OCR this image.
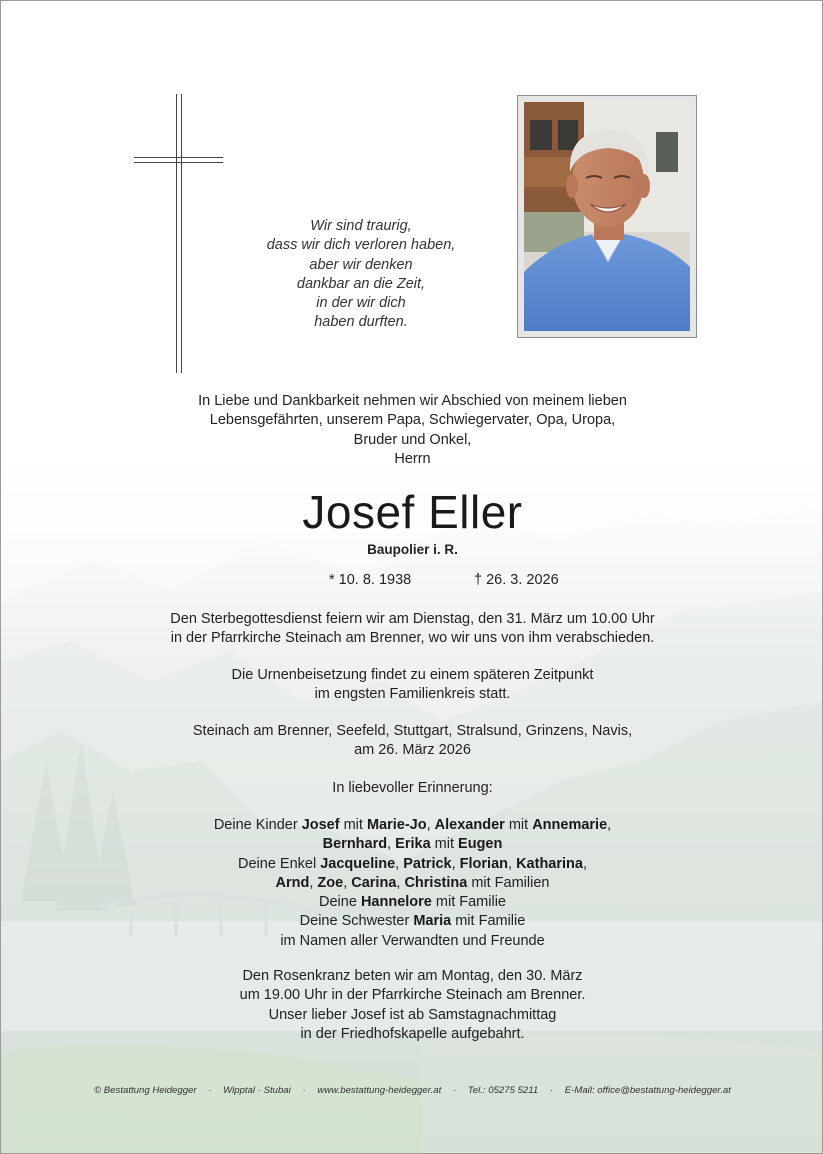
Wir sind traurig,
dass wir dich verloren haben,
aber wir denken
dankbar an die Zeit,
in der wir dich
haben durften.
In Liebe und Dankbarkeit nehmen wir Abschied von meinem lieben
Lebensgefährten, unserem Papa, Schwiegervater, Opa, Uropa,
Bruder und Onkel,
Herrn
Josef Eller
Baupolier i. R.
* 10. 8. 1938	† 26. 3. 2026
Den Sterbegottesdienst feiern wir am Dienstag, den 31. März um 10.00 Uhr
in der Pfarrkirche Steinach am Brenner, wo wir uns von ihm verabschieden.
Die Urnenbeisetzung findet zu einem späteren Zeitpunkt
im engsten Familienkreis statt.
Steinach am Brenner, Seefeld, Stuttgart, Stralsund, Grinzens, Navis,
am 26. März 2026
In liebevoller Erinnerung:
Deine Kinder Josef mit Marie-Jo, Alexander mit Annemarie,
Bernhard, Erika mit Eugen
Deine Enkel Jacqueline, Patrick, Florian, Katharina,
Arnd, Zoe, Carina, Christina mit Familien
Deine Hannelore mit Familie
Deine Schwester Maria mit Familie
im Namen aller Verwandten und Freunde
Den Rosenkranz beten wir am Montag, den 30. März
um 19.00 Uhr in der Pfarrkirche Steinach am Brenner.
Unser lieber Josef ist ab Samstagnachmittag
in der Friedhofskapelle aufgebahrt.
© Bestattung Heidegger · Wipptal · Stubai · www.bestattung-heidegger.at · Tel.: 05275 5211 · E-Mail: office@bestattung-heidegger.at
